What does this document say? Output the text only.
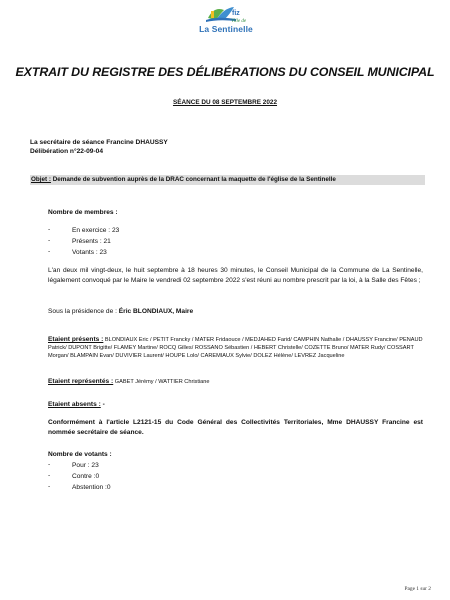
fiz
Ville de
La Sentinelle
EXTRAIT DU REGISTRE DES DÉLIBÉRATIONS DU CONSEIL MUNICIPAL
SÉANCE DU 08 SEPTEMBRE 2022
La secrétaire de séance Francine DHAUSSY
Délibération n°22-09-04
Objet : Demande de subvention auprès de la DRAC concernant la maquette de l'église de la Sentinelle
Nombre de membres :
-	En exercice : 23
-	Présents : 21
-	Votants : 23
L'an deux mil vingt-deux, le huit septembre à 18 heures 30 minutes, le Conseil Municipal de la Commune de La Sentinelle, légalement convoqué par le Maire le vendredi 02 septembre 2022 s'est réuni au nombre prescrit par la loi, à la Salle des Fêtes ;
Sous la présidence de : Éric BLONDIAUX, Maire
Etaient présents : BLONDIAUX Eric / PETIT Francky / MATER Fridaouce / MEDJAHED Farid/ CAMPHIN Nathalie / DHAUSSY Francine/ PENAUD Patrick/ DUPONT Brigitte/ FLAMEY Martine/ ROCQ Gilles/ ROSSANO Sébastien / HEBERT Christelle/ COZETTE Bruno/ MATER Rudy/ COSSART Morgan/ BLAMPAIN Evan/ DUVIVIER Laurent/ HOUPE Lolo/ CAREMIAUX Sylvie/ DOLEZ Hélène/ LEVREZ Jacqueline
Etaient représentés : GABET Jérémy / WATTIER Christiane
Etaient absents : -
Conformément à l'article L2121-15 du Code Général des Collectivités Territoriales, Mme DHAUSSY Francine est nommée secrétaire de séance.
Nombre de votants :
-	Pour : 23
-	Contre :0
-	Abstention :0
Page 1 sur 2
